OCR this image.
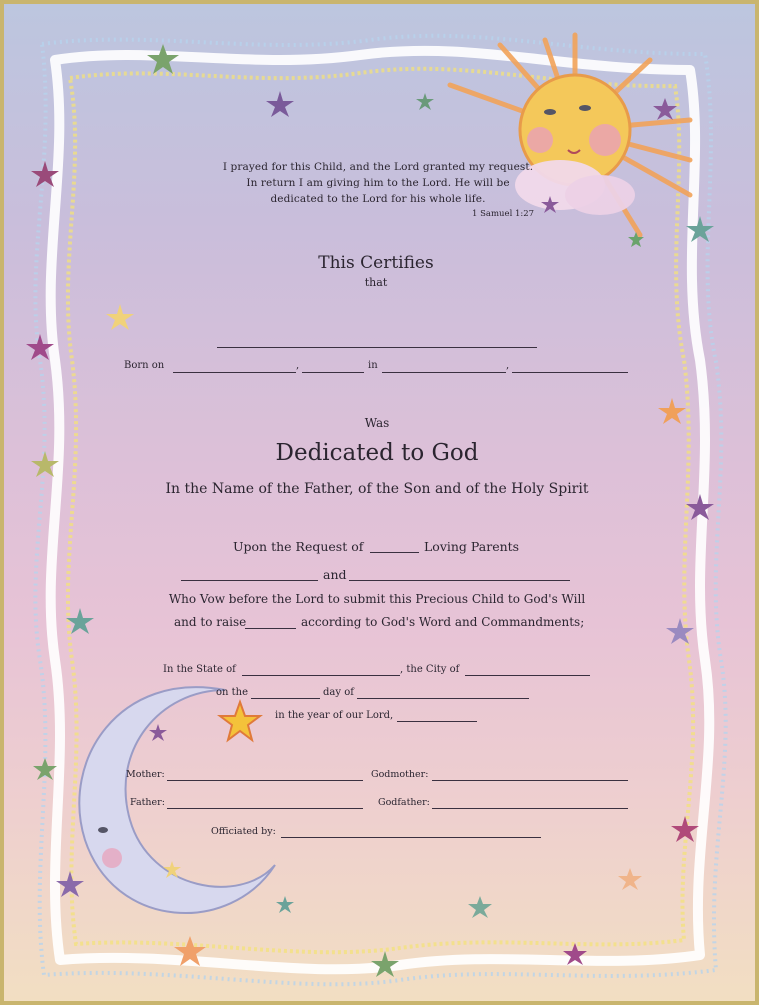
I prayed for this Child, and the Lord granted my request.
In return I am giving him to the Lord. He will be
dedicated to the Lord for his whole life.
1 Samuel 1:27
This Certifies
that
Born on	,	in	,
Was
Dedicated to God
In the Name of the Father, of the Son and of the Holy Spirit
Upon the Request of	Loving Parents
and
Who Vow before the Lord to submit this Precious Child to God's Will
and to raise	according to God's Word and Commandments;
In the State of	, the City of
on the	day of
in the year of our Lord,
Mother:	Godmother:
Father:	Godfather:
Officiated by:
